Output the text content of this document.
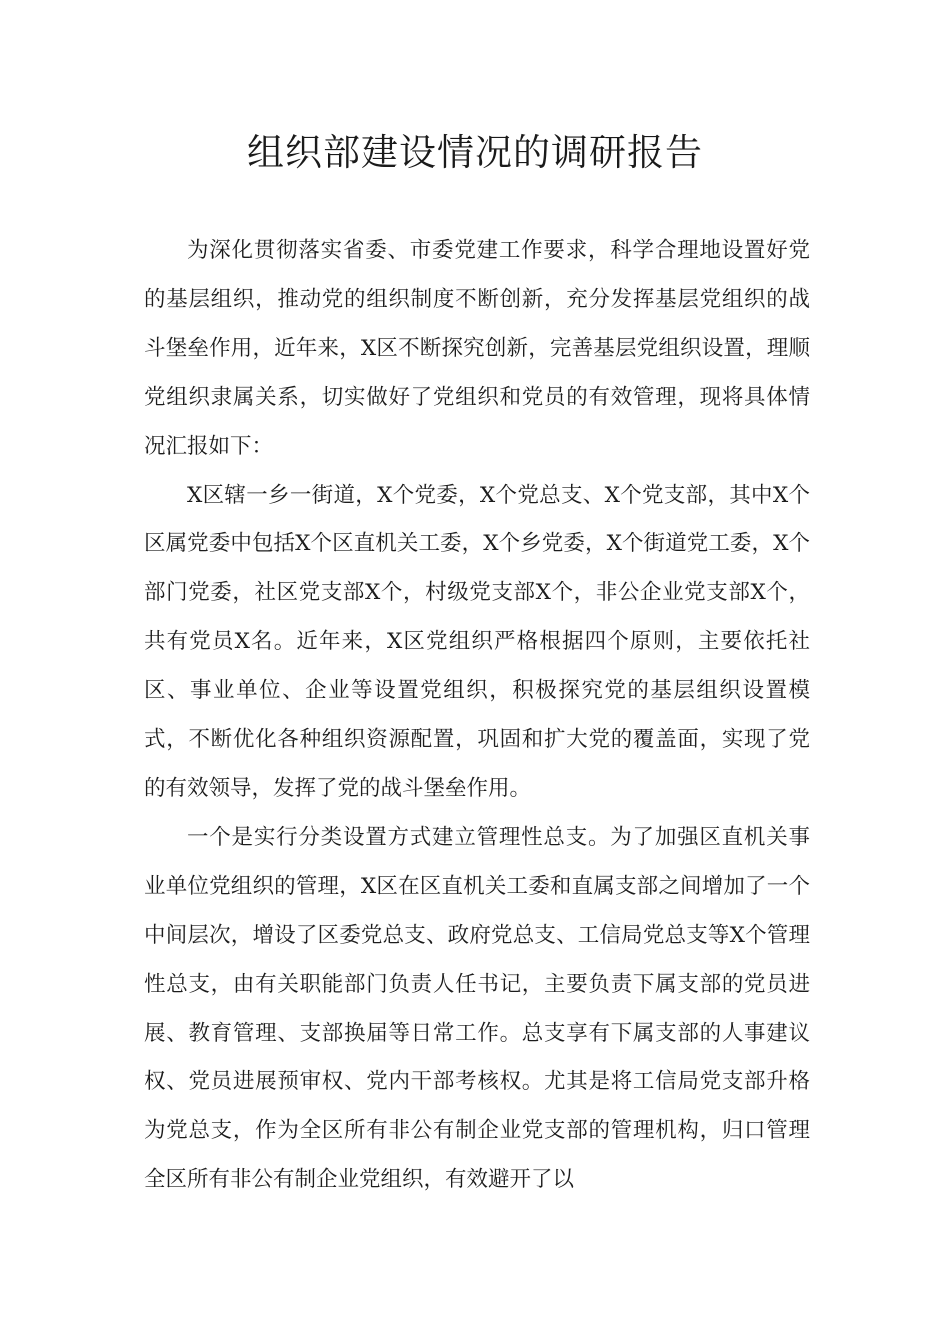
组织部建设情况的调研报告

为深化贯彻落实省委、市委党建工作要求，科学合理地设置好党的基层组织，推动党的组织制度不断创新，充分发挥基层党组织的战斗堡垒作用，近年来，X区不断探究创新，完善基层党组织设置，理顺党组织隶属关系，切实做好了党组织和党员的有效管理，现将具体情况汇报如下：

X区辖一乡一街道，X个党委，X个党总支、X个党支部，其中X个区属党委中包括X个区直机关工委，X个乡党委，X个街道党工委，X个部门党委，社区党支部X个，村级党支部X个，非公企业党支部X个，共有党员X名。近年来，X区党组织严格根据四个原则，主要依托社区、事业单位、企业等设置党组织，积极探究党的基层组织设置模式，不断优化各种组织资源配置，巩固和扩大党的覆盖面，实现了党的有效领导，发挥了党的战斗堡垒作用。

一个是实行分类设置方式建立管理性总支。为了加强区直机关事业单位党组织的管理，X区在区直机关工委和直属支部之间增加了一个中间层次，增设了区委党总支、政府党总支、工信局党总支等X个管理性总支，由有关职能部门负责人任书记，主要负责下属支部的党员进展、教育管理、支部换届等日常工作。总支享有下属支部的人事建议权、党员进展预审权、党内干部考核权。尤其是将工信局党支部升格为党总支，作为全区所有非公有制企业党支部的管理机构，归口管理全区所有非公有制企业党组织，有效避开了以
